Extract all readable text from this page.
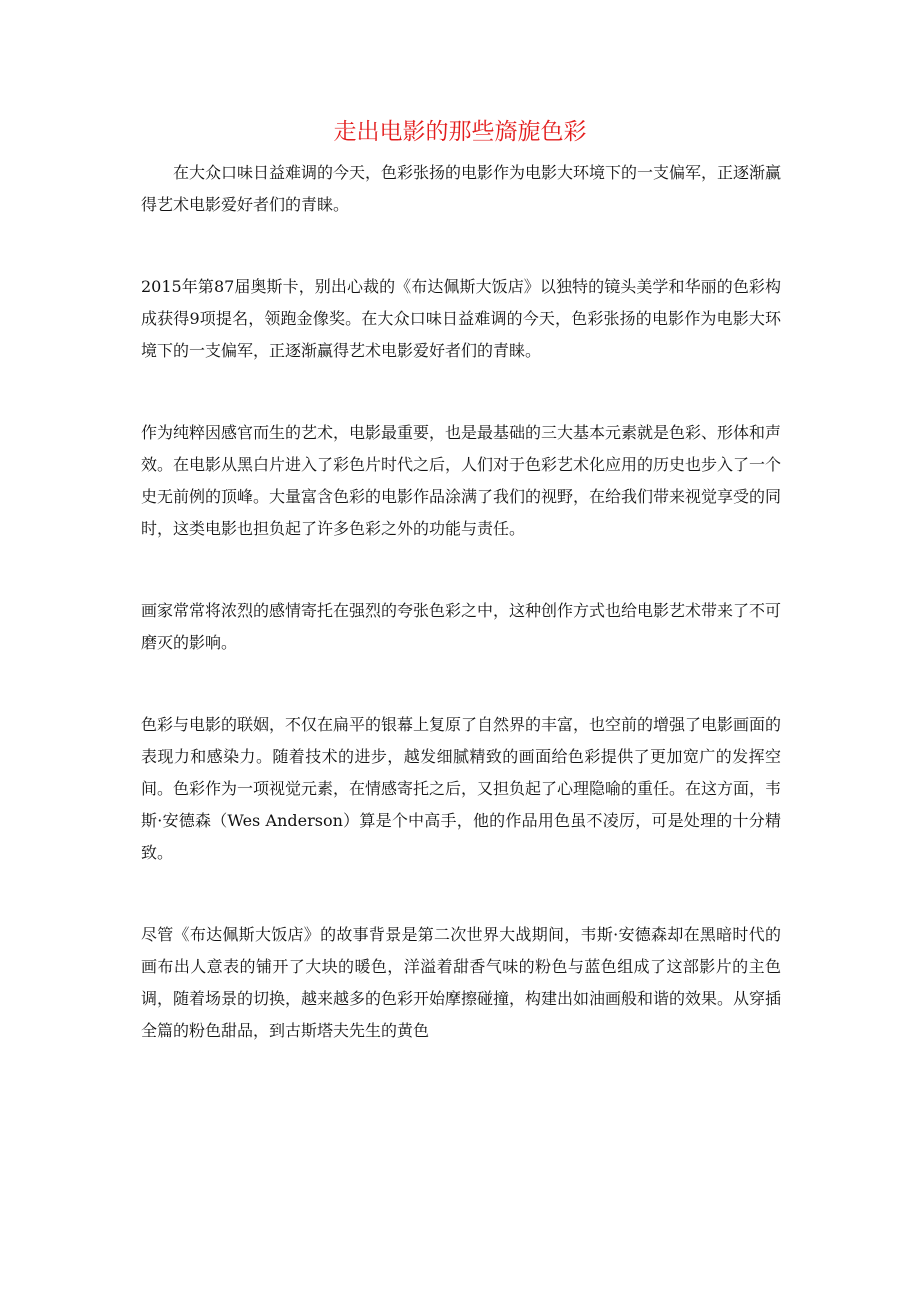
走出电影的那些旖旎色彩

在大众口味日益难调的今天，色彩张扬的电影作为电影大环境下的一支偏军，正逐渐赢得艺术电影爱好者们的青睐。

2015年第87届奥斯卡，别出心裁的《布达佩斯大饭店》以独特的镜头美学和华丽的色彩构成获得9项提名，领跑金像奖。在大众口味日益难调的今天，色彩张扬的电影作为电影大环境下的一支偏军，正逐渐赢得艺术电影爱好者们的青睐。

作为纯粹因感官而生的艺术，电影最重要，也是最基础的三大基本元素就是色彩、形体和声效。在电影从黑白片进入了彩色片时代之后，人们对于色彩艺术化应用的历史也步入了一个史无前例的顶峰。大量富含色彩的电影作品涂满了我们的视野，在给我们带来视觉享受的同时，这类电影也担负起了许多色彩之外的功能与责任。

画家常常将浓烈的感情寄托在强烈的夸张色彩之中，这种创作方式也给电影艺术带来了不可磨灭的影响。

色彩与电影的联姻，不仅在扁平的银幕上复原了自然界的丰富，也空前的增强了电影画面的表现力和感染力。随着技术的进步，越发细腻精致的画面给色彩提供了更加宽广的发挥空间。色彩作为一项视觉元素，在情感寄托之后，又担负起了心理隐喻的重任。在这方面，韦斯·安德森（Wes Anderson）算是个中高手，他的作品用色虽不凌厉，可是处理的十分精致。

尽管《布达佩斯大饭店》的故事背景是第二次世界大战期间，韦斯·安德森却在黑暗时代的画布出人意表的铺开了大块的暖色，洋溢着甜香气味的粉色与蓝色组成了这部影片的主色调，随着场景的切换，越来越多的色彩开始摩擦碰撞，构建出如油画般和谐的效果。从穿插全篇的粉色甜品，到古斯塔夫先生的黄色
